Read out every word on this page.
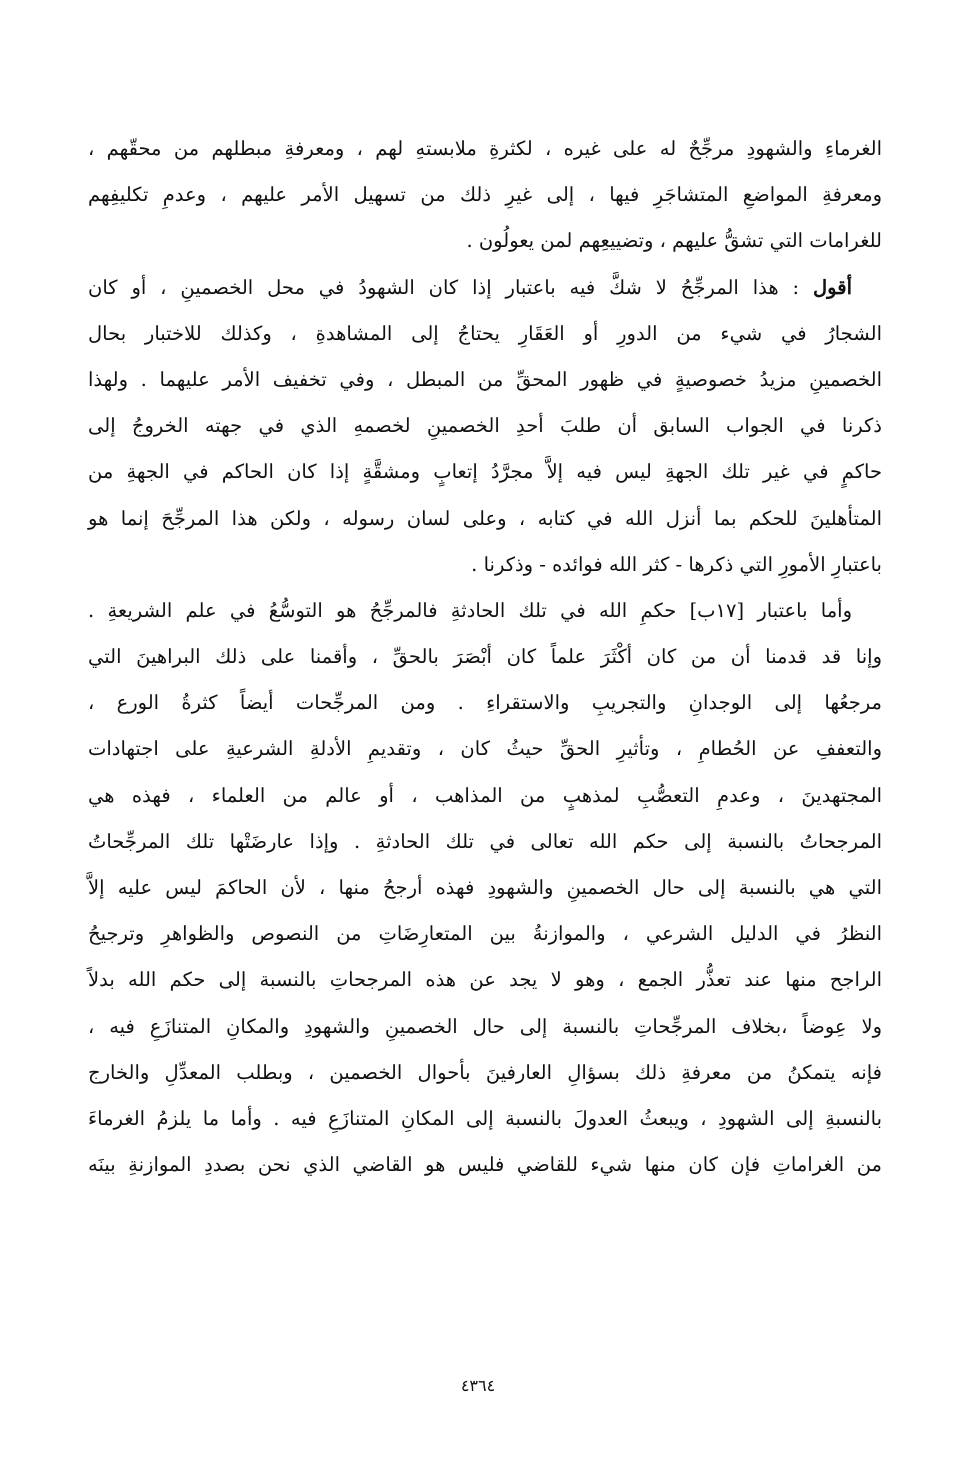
الغرماءِ والشهودِ مرجِّحٌ له على غيره ، لكثرةِ ملابستهِ لهم ، ومعرفةِ مبطلهم من محقّهم ،
ومعرفةِ المواضعِ المتشاجَرِ فيها ، إلى غيرِ ذلك من تسهيل الأمر عليهم ، وعدمِ تكليفِهم
للغرامات التي تشقُّ عليهم ، وتضييعِهم لمن يعولُون .
أقول : هذا المرجِّحُ لا شكَّ فيه باعتبار إذا كان الشهودُ في محل الخصمينِ ، أو كان
الشجارُ في شيء من الدورِ أو العَقَارِ يحتاجُ إلى المشاهدةِ ، وكذلك للاختبار بحال
الخصمينِ مزيدُ خصوصيةٍ في ظهور المحقِّ من المبطل ، وفي تخفيف الأمر عليهما . ولهذا
ذكرنا في الجواب السابق أن طلبَ أحدِ الخصمينِ لخصمهِ الذي في جهته الخروجُ إلى
حاكمٍ في غير تلك الجهةِ ليس فيه إلاَّ مجرَّدُ إتعابٍ ومشقَّةٍ إذا كان الحاكم في الجهةِ من
المتأهلينَ للحكم بما أنزل الله في كتابه ، وعلى لسان رسوله ، ولكن هذا المرجِّحَ إنما هو
باعتبارِ الأمورِ التي ذكرها - كثر الله فوائده - وذكرنا .
وأما باعتبار [١٧ب] حكمِ الله في تلك الحادثةِ فالمرجِّحُ هو التوسُّعُ في علم الشريعةِ .
وإنا قد قدمنا أن من كان أكْثَرَ علماً كان أبْصَرَ بالحقِّ ، وأقمنا على ذلك البراهينَ التي
مرجعُها إلى الوجدانِ والتجريبِ والاستقراءِ . ومن المرجِّحات أيضاً كثرةُ الورع ،
والتعففِ عن الحُطامِ ، وتأثيرِ الحقِّ حيثُ كان ، وتقديمِ الأدلةِ الشرعيةِ على اجتهادات
المجتهدينَ ، وعدمِ التعصُّبِ لمذهبٍ من المذاهب ، أو عالم من العلماء ، فهذه هي
المرجحاتُ بالنسبة إلى حكم الله تعالى في تلك الحادثةِ . وإذا عارضَتْها تلك المرجِّحاتُ
التي هي بالنسبة إلى حال الخصمينِ والشهودِ فهذه أرجحُ منها ، لأن الحاكمَ ليس عليه إلاَّ
النظرُ في الدليل الشرعي ، والموازنةُ بين المتعارِضَاتِ من النصوص والظواهرِ وترجيحُ
الراجح منها عند تعذُّر الجمع ، وهو لا يجد عن هذه المرجحاتِ بالنسبة إلى حكم الله بدلاً
ولا عِوضاً ،بخلاف المرجِّحاتِ بالنسبة إلى حال الخصمينِ والشهودِ والمكانِ المتنازَعِ فيه ،
فإنه يتمكنُ من معرفةِ ذلك بسؤالِ العارفينَ بأحوال الخصمين ، وبطلب المعدِّلِ والخارج
بالنسبةِ إلى الشهودِ ، ويبعثُ العدولَ بالنسبة إلى المكانِ المتنازَعِ فيه . وأما ما يلزمُ الغرماءَ
من الغراماتِ فإن كان منها شيء للقاضي فليس هو القاضي الذي نحن بصددِ الموازنةِ بينَه
٤٣٦٤
